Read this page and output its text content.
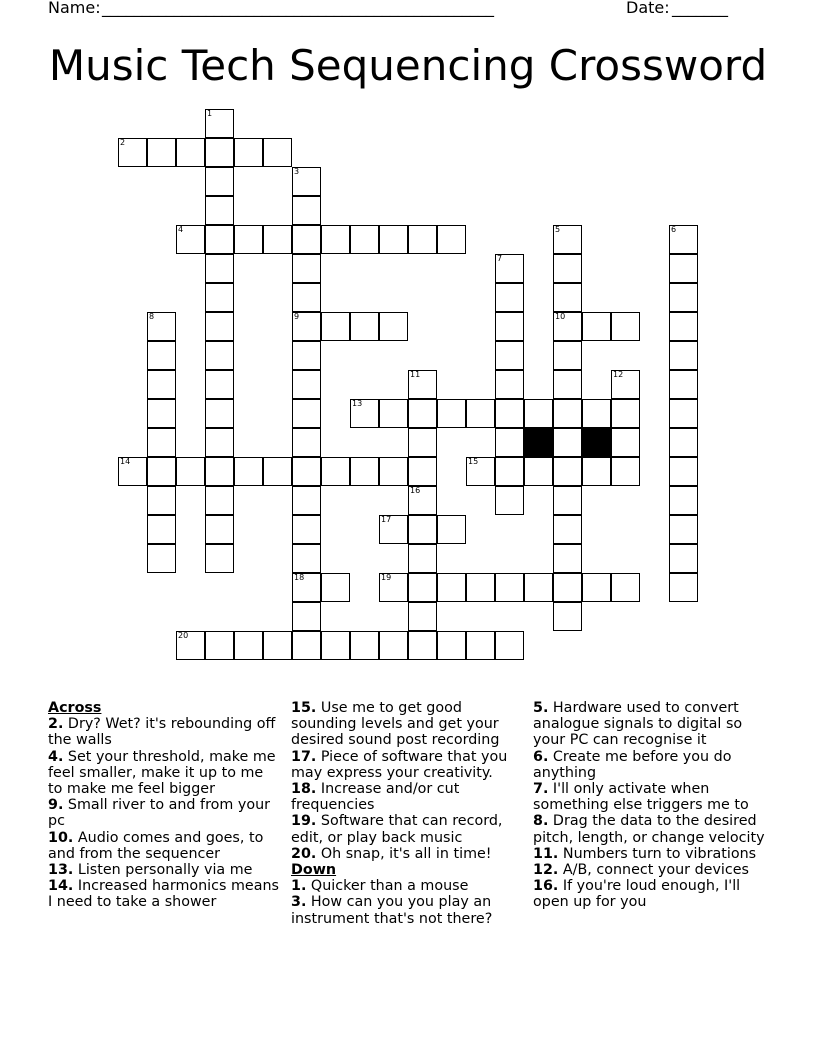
Name:

_________________________________________________

	Date:

_______

Music Tech Sequencing Crossword
1
2
3
9
18
4	5
10
6
7
8
11	12
13
14	15
16
17
19
20
Across
2. Dry? Wet? it's rebounding off the walls
4. Set your threshold, make me feel smaller, make it up to me to make me feel bigger
9. Small river to and from your pc
10. Audio comes and goes, to and from the sequencer
13. Listen personally via me
14. Increased harmonics means I need to take a shower
15. Use me to get good sounding levels and get your desired sound post recording
17. Piece of software that you may express your creativity.
18. Increase and/or cut frequencies
19. Software that can record, edit, or play back music
20. Oh snap, it's all in time!
Down
1. Quicker than a mouse
3. How can you you play an instrument that's not there?
5. Hardware used to convert analogue signals to digital so your PC can recognise it
6. Create me before you do anything
7. I'll only activate when something else triggers me to
8. Drag the data to the desired pitch, length, or change velocity
11. Numbers turn to vibrations
12. A/B, connect your devices
16. If you're loud enough, I'll open up for you
